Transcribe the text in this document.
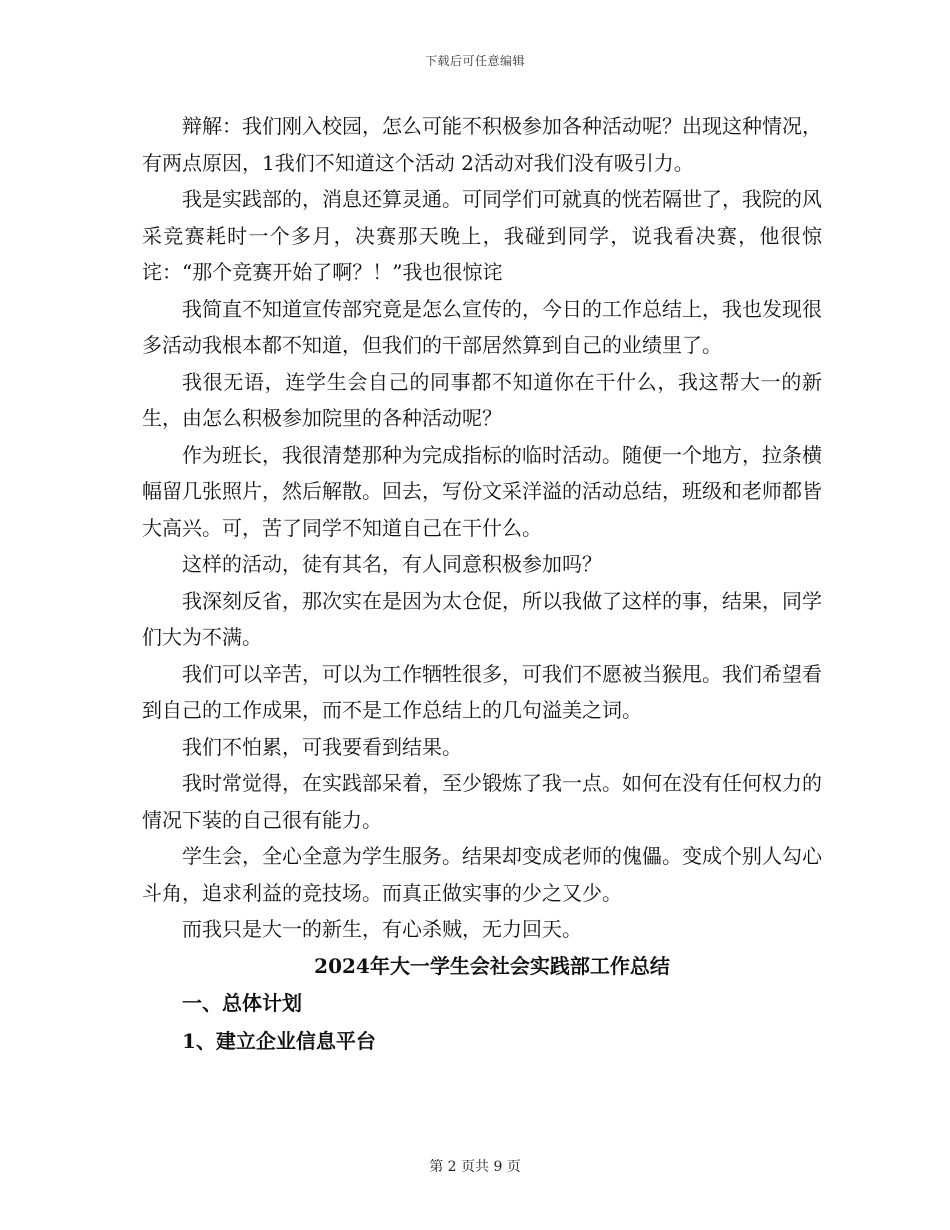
下载后可任意编辑

辩解：我们刚入校园，怎么可能不积极参加各种活动呢？出现这种情况，有两点原因，1我们不知道这个活动 2活动对我们没有吸引力。

我是实践部的，消息还算灵通。可同学们可就真的恍若隔世了，我院的风采竞赛耗时一个多月，决赛那天晚上，我碰到同学，说我看决赛，他很惊诧：“那个竞赛开始了啊？！”我也很惊诧

我简直不知道宣传部究竟是怎么宣传的，今日的工作总结上，我也发现很多活动我根本都不知道，但我们的干部居然算到自己的业绩里了。

我很无语，连学生会自己的同事都不知道你在干什么，我这帮大一的新生，由怎么积极参加院里的各种活动呢？

作为班长，我很清楚那种为完成指标的临时活动。随便一个地方，拉条横幅留几张照片，然后解散。回去，写份文采洋溢的活动总结，班级和老师都皆大高兴。可，苦了同学不知道自己在干什么。

这样的活动，徒有其名，有人同意积极参加吗？

我深刻反省，那次实在是因为太仓促，所以我做了这样的事，结果，同学们大为不满。

我们可以辛苦，可以为工作牺牲很多，可我们不愿被当猴甩。我们希望看到自己的工作成果，而不是工作总结上的几句溢美之词。

我们不怕累，可我要看到结果。

我时常觉得，在实践部呆着，至少锻炼了我一点。如何在没有任何权力的情况下装的自己很有能力。

学生会，全心全意为学生服务。结果却变成老师的傀儡。变成个别人勾心斗角，追求利益的竞技场。而真正做实事的少之又少。

而我只是大一的新生，有心杀贼，无力回天。

2024年大一学生会社会实践部工作总结

一、总体计划

1、建立企业信息平台

第 2 页共 9 页
